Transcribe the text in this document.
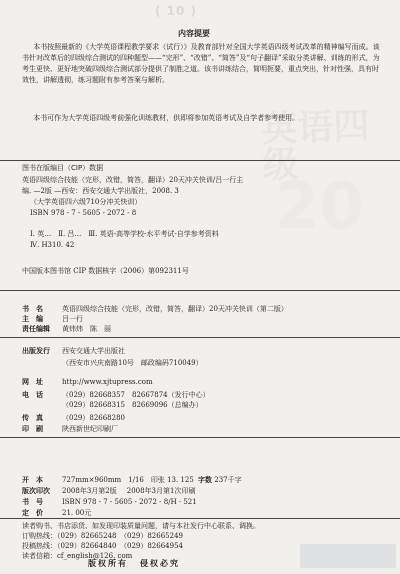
( 10 )
英语四级
20
内容提要

本书按照最新的《大学英语课程教学要求（试行）》及教育部针对全国大学英语四级考试改革的精神编写而成。该书针对改革后的四级综合测试的四种题型——“完形”、“改错”、“简答”及“句子翻译”采取分类讲解、训练的形式，为考生更快、更好地突破四级综合测试部分提供了制胜之道。该书讲练结合，简明扼要，重点突出，针对性强，具有时效性，讲解透彻，练习题附有参考答案与解析。

本书可作为大学英语四级考前强化训练教材，供即将参加英语考试及自学者参考使用。

图书在版编目（CIP）数据
英语四级综合技能（完形，改错，简答，翻译）20天冲关快训/吕一行主
编. —2版 —西安：西安交通大学出版社，2008. 3
（大学英语四六级710分冲关快训）
ISBN 978 - 7 - 5605 - 2072 - 8
Ⅰ. 英…　Ⅱ. 吕…　Ⅲ. 英语-高等学校-水平考试-自学参考资料
Ⅳ. H310. 42
中国版本图书馆 CIP 数据核字（2006）第092311号
书　名	英语四级综合技能（完形，改错，简答，翻译）20天冲关快训（第二版）
主　编	吕一行
责任编辑 黄炜炜　陈　丽
出版发行 西安交通大学出版社
（西安市兴庆南路10号　邮政编码710049）
网　址	http://www.xjtupress.com
电　话	（029）82668357　82667874（发行中心）
（029）82668315　82669096（总编办）
传　真	（029）82668280
印　刷	陕西新世纪印刷厂
开　本	727mm×960mm　1/16　印张 13. 125 字数 237千字
版次印次 2008年3月第2版 2008年3月第1次印刷
书　号	ISBN 978 - 7 - 5605 - 2072 - 8/H · 521
定　价	21. 00元
读者购书、书店添货、如发现印装质量问题，请与本社发行中心联系、调换。
订购热线：（029）82665248　（029）82665249
投稿热线：（029）82664840　（029）82664954
读者信箱：cf_english@126. com
版权所有 侵权必究
